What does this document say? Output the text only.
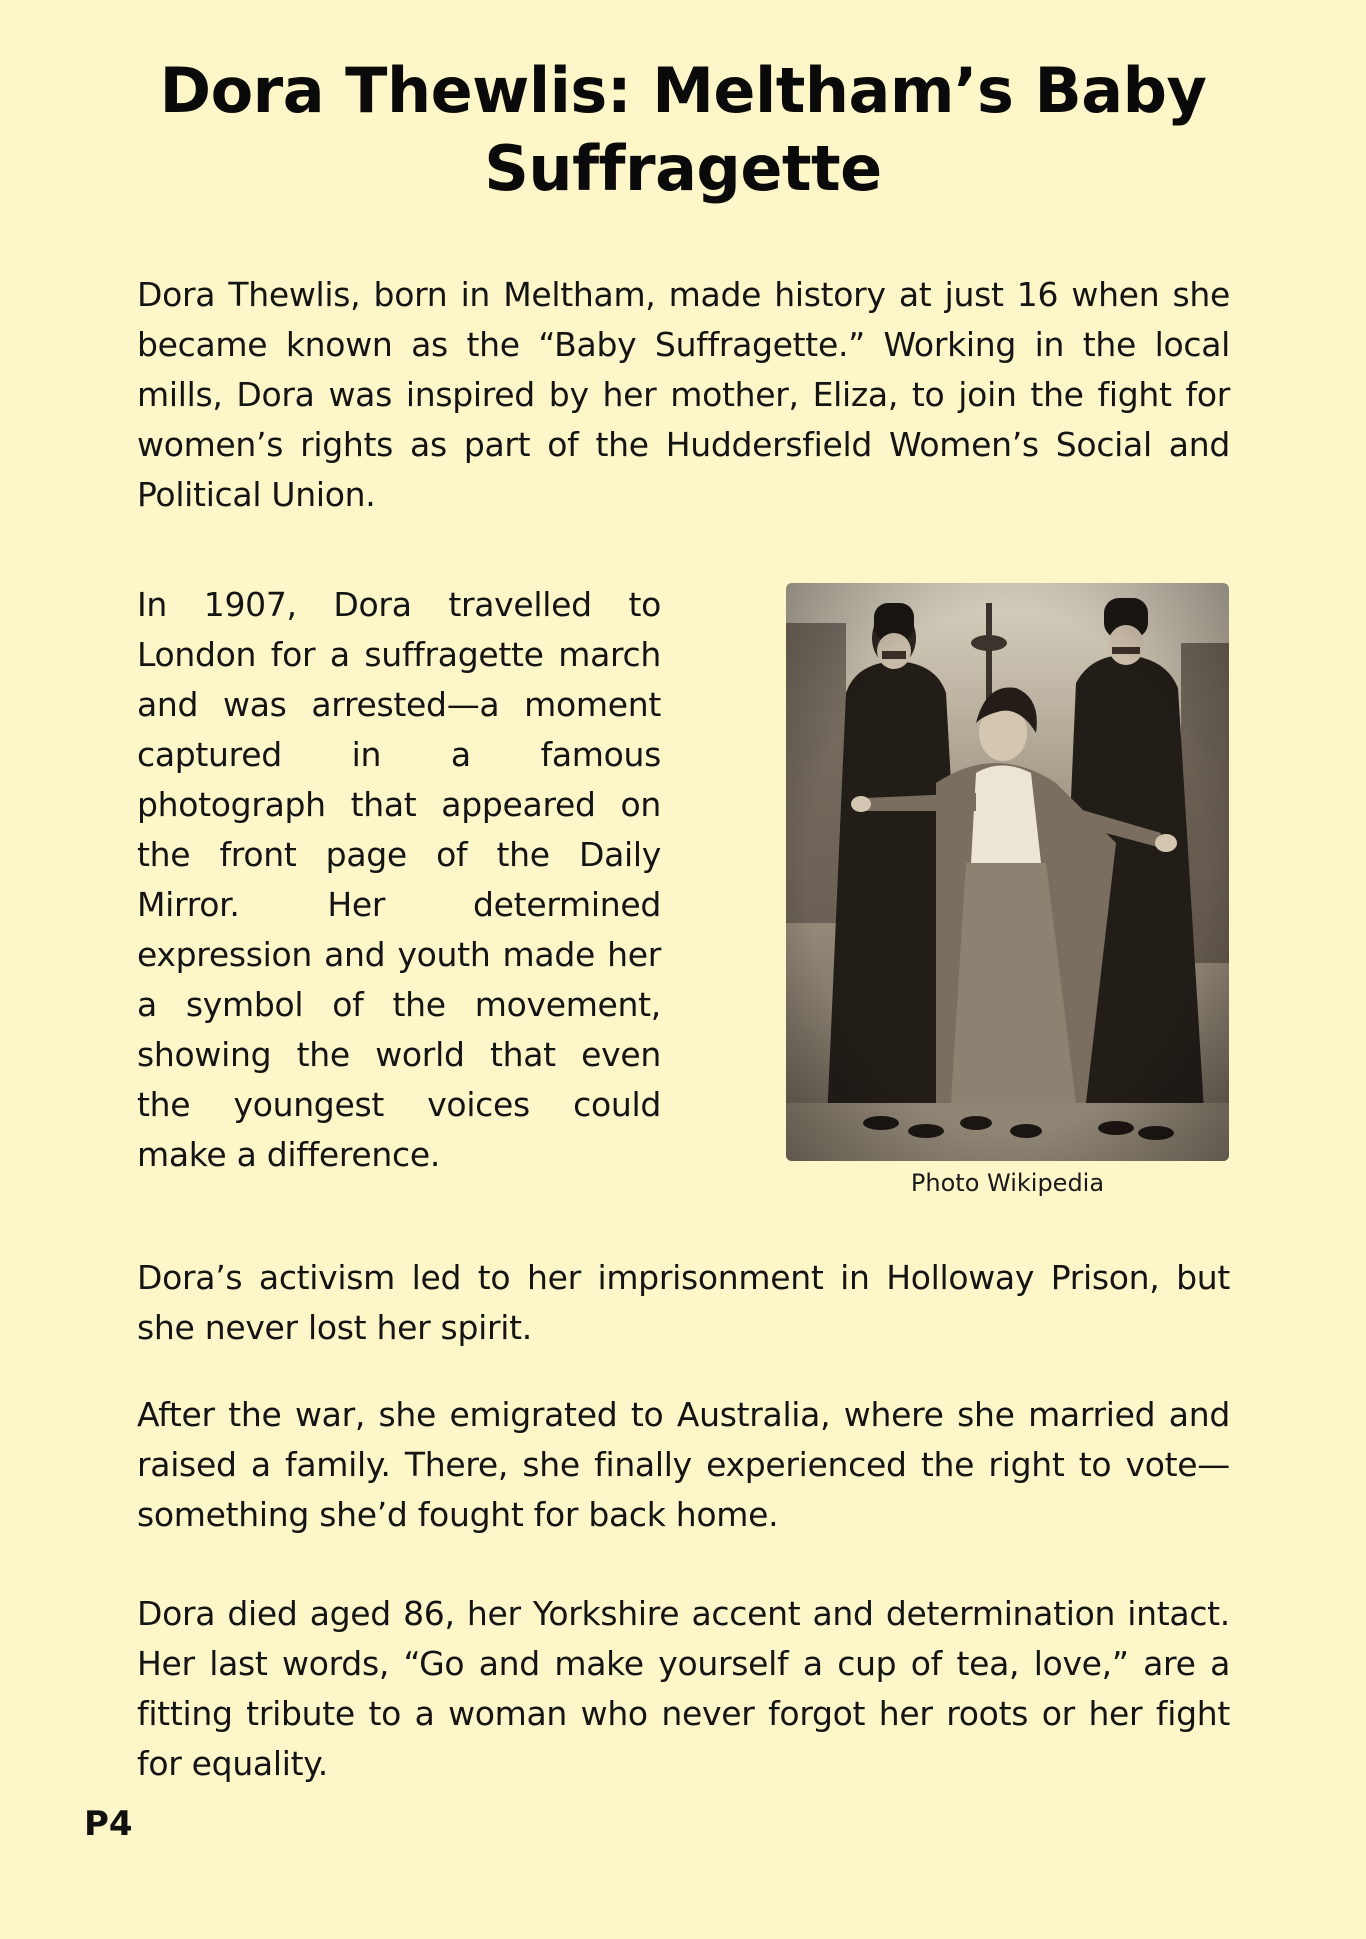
Dora Thewlis: Meltham’s Baby Suffragette

Dora Thewlis, born in Meltham, made history at just 16 when she became known as the “Baby Suffragette.” Working in the local mills, Dora was inspired by her mother, Eliza, to join the fight for women’s rights as part of the Huddersfield Women’s Social and Political Union.

In 1907, Dora travelled to London for a suffragette march and was arrested—a moment captured in a famous photograph that appeared on the front page of the Daily Mirror. Her determined expression and youth made her a symbol of the movement, showing the world that even the youngest voices could make a difference.

Photo Wikipedia

Dora’s activism led to her imprisonment in Holloway Prison, but she never lost her spirit.

After the war, she emigrated to Australia, where she married and raised a family. There, she finally experienced the right to vote—something she’d fought for back home.

Dora died aged 86, her Yorkshire accent and determination intact. Her last words, “Go and make yourself a cup of tea, love,” are a fitting tribute to a woman who never forgot her roots or her fight for equality.

P4
